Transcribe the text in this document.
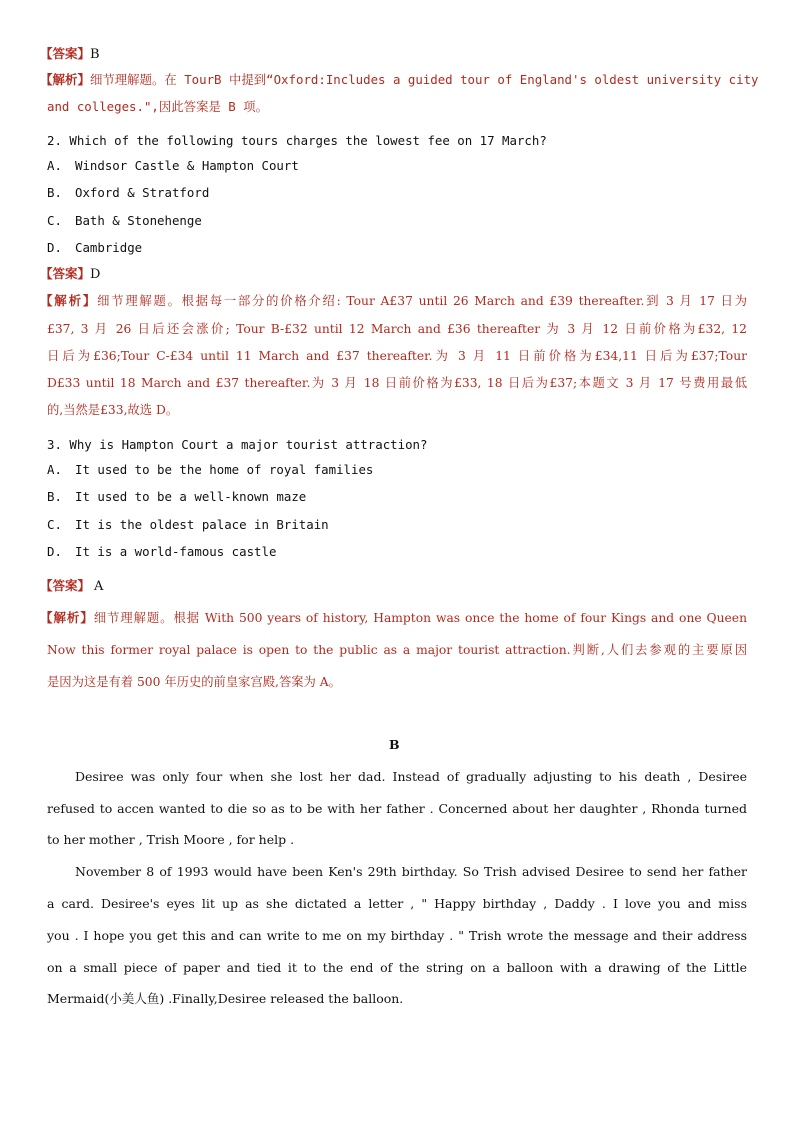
【答案】B
【解析】细节理解题。在 TourB 中提到“Oxford:Includes a guided tour of England's oldest university city
and colleges.",因此答案是 B 项。
2. Which of the following tours charges the lowest fee on 17 March?
A. Windsor Castle & Hampton Court
B. Oxford & Stratford
C. Bath & Stonehenge
D. Cambridge
【答案】D
【解析】细节理解题。根据每一部分的价格介绍: Tour A£37 until 26 March and £39 thereafter.到 3 月 17 日为
£37, 3 月 26 日后还会涨价; Tour B-£32 until 12 March and £36 thereafter 为 3 月 12 日前价格为£32, 12
日后为£36;Tour C-£34 until 11 March and £37 thereafter.为 3 月 11 日前价格为£34,11 日后为£37;Tour
D£33 until 18 March and £37 thereafter.为 3 月 18 日前价格为£33, 18 日后为£37;本题文 3 月 17 号费用最低
的,当然是£33,故选 D。
3. Why is Hampton Court a major tourist attraction?
A. It used to be the home of royal families
B. It used to be a well-known maze
C. It is the oldest palace in Britain
D. It is a world-famous castle
【答案】 A
【解析】细节理解题。根据 With 500 years of history, Hampton was once the home of four Kings and one Queen
Now this former royal palace is open to the public as a major tourist attraction.判断,人们去参观的主要原因
是因为这是有着 500 年历史的前皇家宫殿,答案为 A。
B
Desiree was only four when she lost her dad. Instead of gradually adjusting to his death , Desiree
refused to accen wanted to die so as to be with her father . Concerned about her daughter , Rhonda turned
to her mother , Trish Moore , for help .
November 8 of 1993 would have been Ken's 29th birthday. So Trish advised Desiree to send her father
a card. Desiree's eyes lit up as she dictated a letter , " Happy birthday , Daddy . I love you and miss
you . I hope you get this and can write to me on my birthday . " Trish wrote the message and their address
on a small piece of paper and tied it to the end of the string on a balloon with a drawing of the Little
Mermaid(小美人鱼) .Finally,Desiree released the balloon.
